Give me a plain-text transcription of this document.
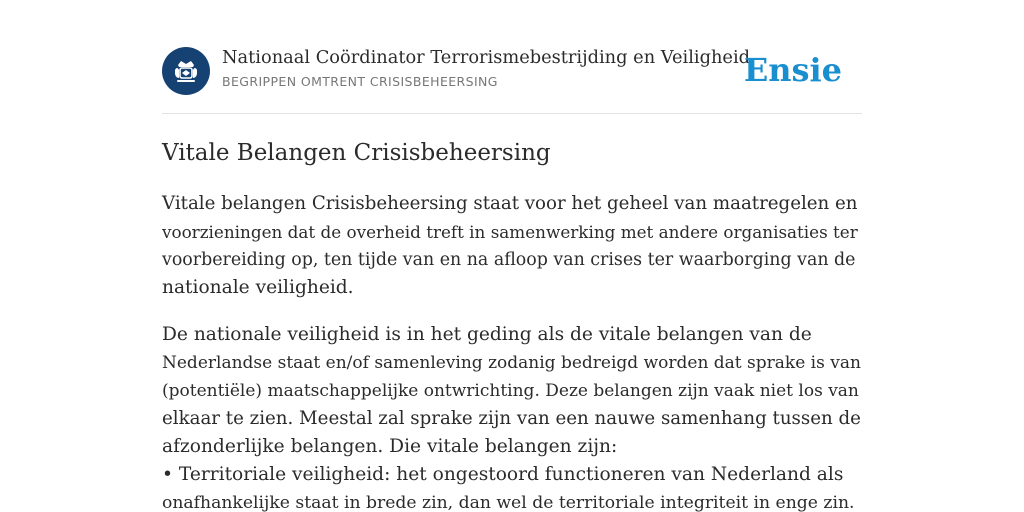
Nationaal Coördinator Terrorismebestrijding en Veiligheid
BEGRIPPEN OMTRENT CRISISBEHEERSING	Ensie
Vitale Belangen Crisisbeheersing

Vitale belangen Crisisbeheersing staat voor het geheel van maatregelen en
voorzieningen dat de overheid treft in samenwerking met andere organisaties ter
voorbereiding op, ten tijde van en na afloop van crises ter waarborging van de
nationale veiligheid.

De nationale veiligheid is in het geding als de vitale belangen van de
Nederlandse staat en/of samenleving zodanig bedreigd worden dat sprake is van
(potentiële) maatschappelijke ontwrichting. Deze belangen zijn vaak niet los van
elkaar te zien. Meestal zal sprake zijn van een nauwe samenhang tussen de
afzonderlijke belangen. Die vitale belangen zijn:
• Territoriale veiligheid: het ongestoord functioneren van Nederland als
onafhankelijke staat in brede zin, dan wel de territoriale integriteit in enge zin.
